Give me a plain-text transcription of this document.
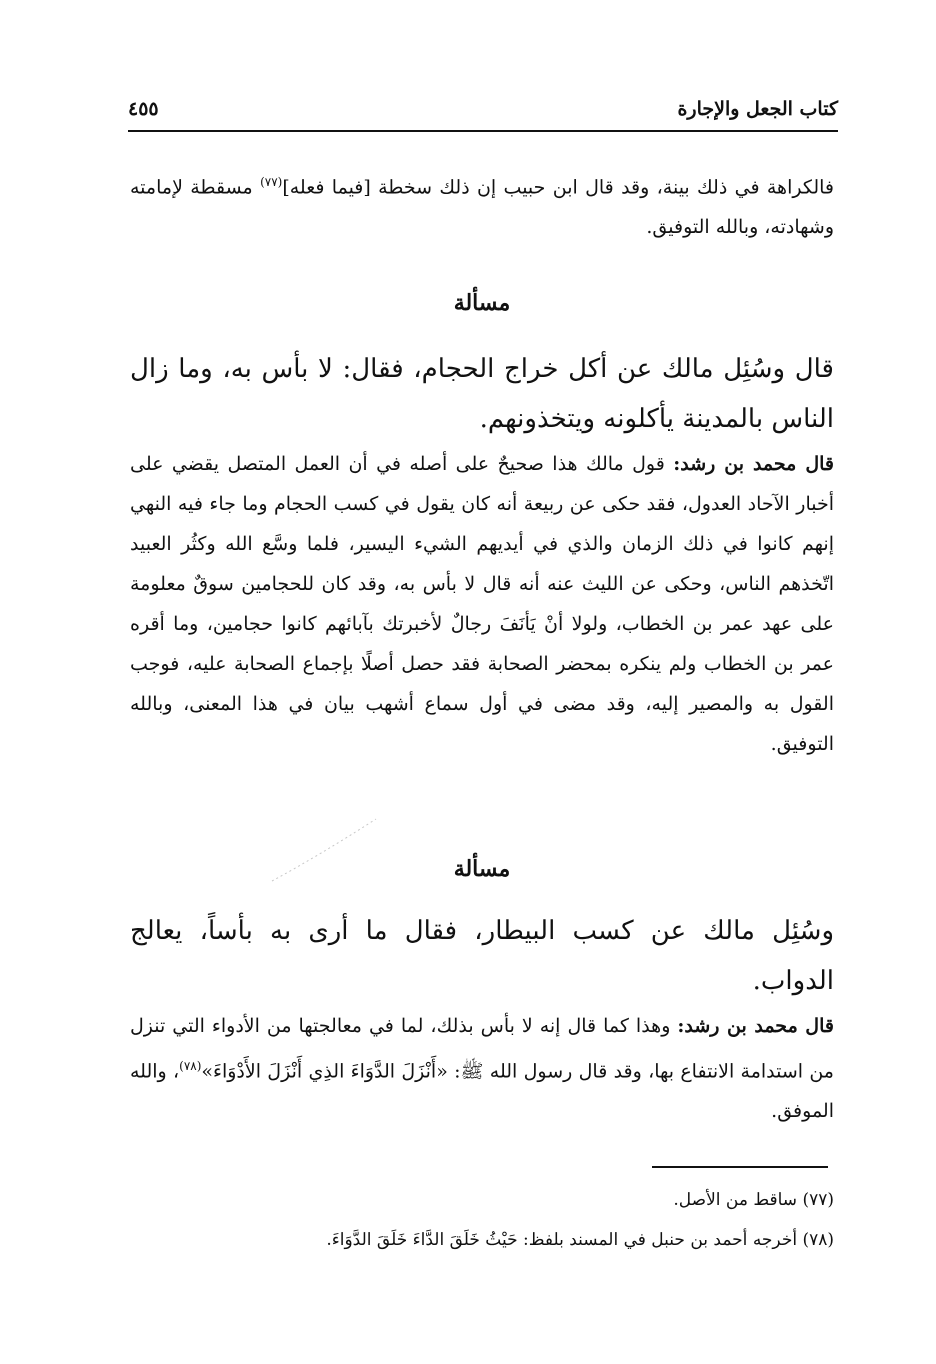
كتاب الجعل والإجارة
٤٥٥
فالكراهة في ذلك بينة، وقد قال ابن حبيب إن ذلك سخطة [فيما فعله]$^{(٧٧)}$ مسقطة لإمامته وشهادته، وبالله التوفيق.
مسألة
قال وسُئِل مالك عن أكل خراج الحجام، فقال: لا بأس به، وما زال الناس بالمدينة يأكلونه ويتخذونهم.
قال محمد بن رشد: قول مالك هذا صحيحٌ على أصله في أن العمل المتصل يقضي على أخبار الآحاد العدول، فقد حكى عن ربيعة أنه كان يقول في كسب الحجام وما جاء فيه النهي إنهم كانوا في ذلك الزمان والذي في أيديهم الشيء اليسير، فلما وسَّع الله وكثُر العبيد اتّخذهم الناس، وحكى عن الليث عنه أنه قال لا بأس به، وقد كان للحجامين سوقٌ معلومة على عهد عمر بن الخطاب، ولولا أنْ يَأنَفَ رجالٌ لأخبرتك بآبائهم كانوا حجامين، وما أقره عمر بن الخطاب ولم ينكره بمحضر الصحابة فقد حصل أصلًا بإجماع الصحابة عليه، فوجب القول به والمصير إليه، وقد مضى في أول سماع أشهب بيان في هذا المعنى، وبالله التوفيق.
مسألة
وسُئِل مالك عن كسب البيطار، فقال ما أرى به بأساً، يعالج الدواب.
قال محمد بن رشد: وهذا كما قال إنه لا بأس بذلك، لما في معالجتها من الأدواء التي تنزل من استدامة الانتفاع بها، وقد قال رسول الله ﷺ: «أَنْزَلَ الدَّوَاءَ الذِي أَنْزَلَ الأَدْوَاءَ»$^{(٧٨)}$، والله الموفق.
(٧٧) ساقط من الأصل.
(٧٨) أخرجه أحمد بن حنبل في المسند بلفظ: حَيْثُ خَلَقَ الدَّاءَ خَلَقَ الدَّوَاءَ.
